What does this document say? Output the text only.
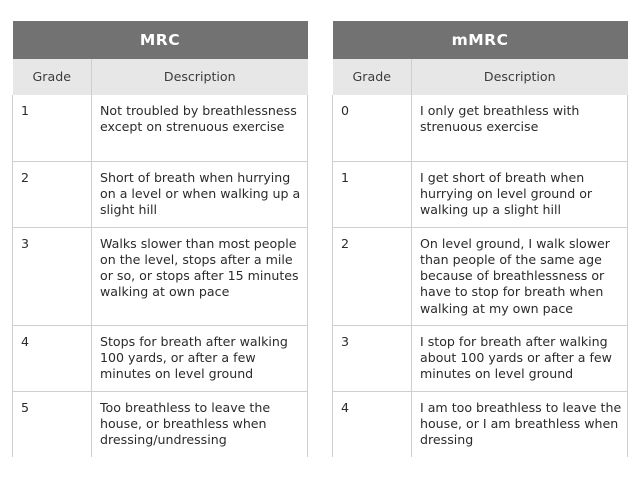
MRC	
Grade	Description
1	Not troubled by breathlessness except on strenuous exercise
2	Short of breath when hurrying on a level or when walking up a slight hill
3	Walks slower than most people on the level, stops after a mile or so, or stops after 15 minutes walking at own pace
4	Stops for breath after walking 100 yards, or after a few minutes on level ground
5	Too breathless to leave the house, or breathless when dressing/undressing
mMRC	
Grade	Description
0	I only get breathless with strenuous exercise
1	I get short of breath when hurrying on level ground or walking up a slight hill
2	On level ground, I walk slower than people of the same age because of breathlessness or have to stop for breath when walking at my own pace
3	I stop for breath after walking about 100 yards or after a few minutes on level ground
4	I am too breathless to leave the house, or I am breathless when dressing
